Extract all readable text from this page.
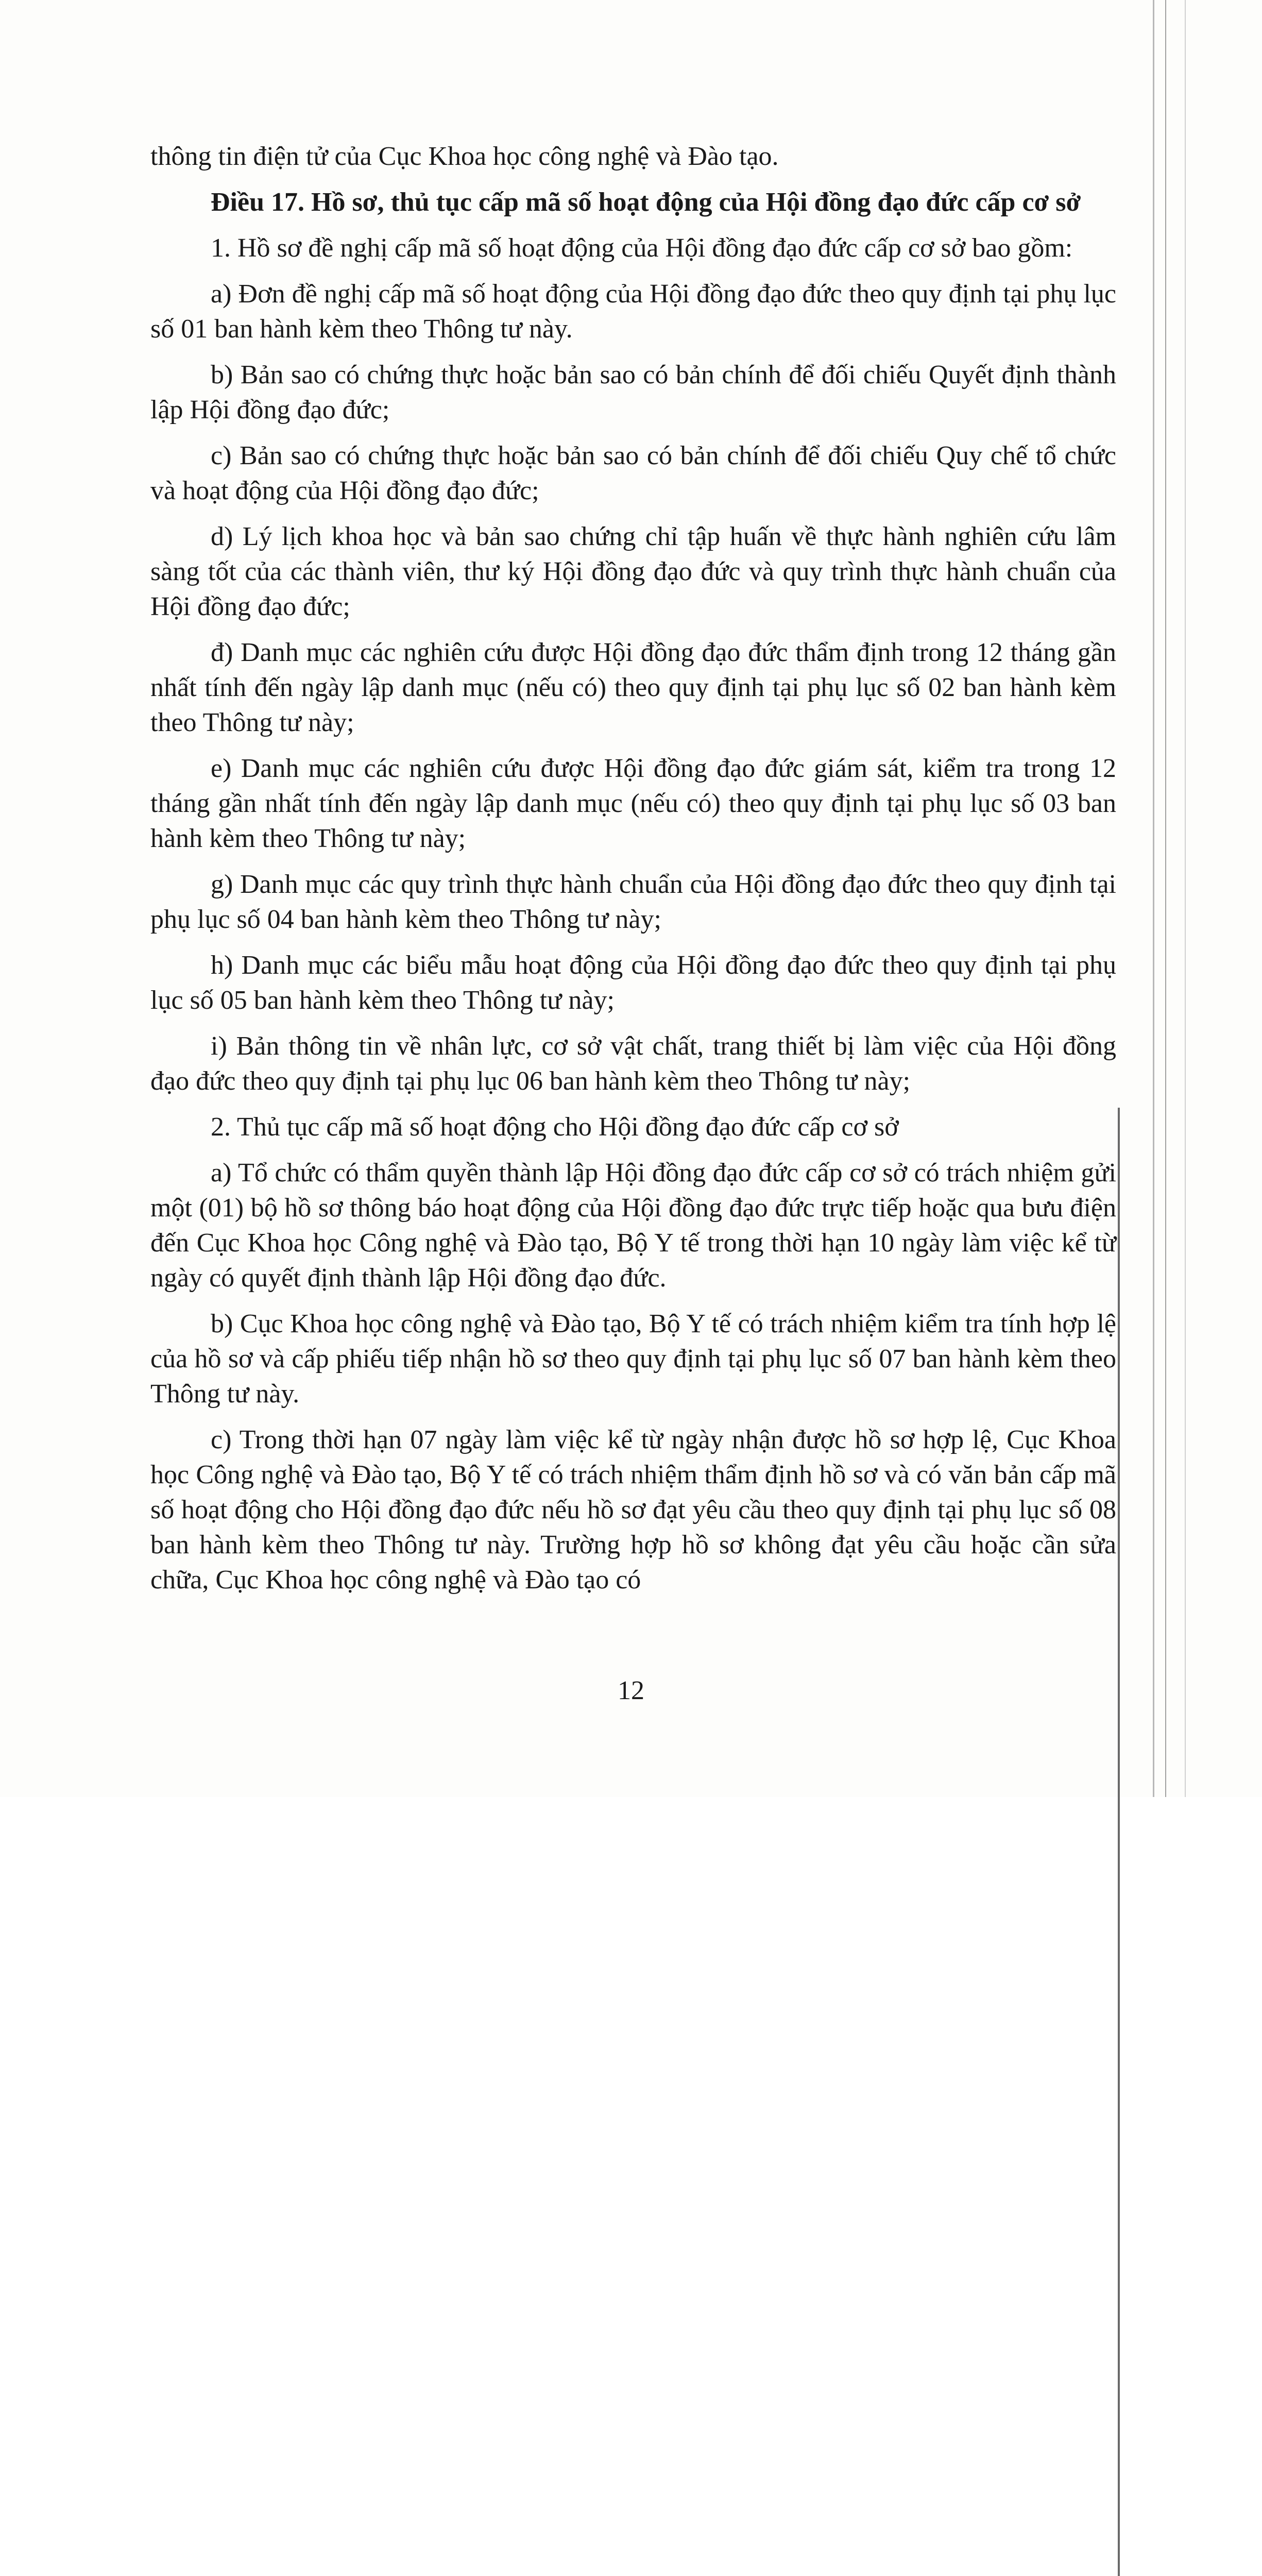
thông tin điện tử của Cục Khoa học công nghệ và Đào tạo.

Điều 17. Hồ sơ, thủ tục cấp mã số hoạt động của Hội đồng đạo đức cấp cơ sở

1. Hồ sơ đề nghị cấp mã số hoạt động của Hội đồng đạo đức cấp cơ sở bao gồm:

a) Đơn đề nghị cấp mã số hoạt động của Hội đồng đạo đức theo quy định tại phụ lục số 01 ban hành kèm theo Thông tư này.

b) Bản sao có chứng thực hoặc bản sao có bản chính để đối chiếu Quyết định thành lập Hội đồng đạo đức;

c) Bản sao có chứng thực hoặc bản sao có bản chính để đối chiếu Quy chế tổ chức và hoạt động của Hội đồng đạo đức;

d) Lý lịch khoa học và bản sao chứng chỉ tập huấn về thực hành nghiên cứu lâm sàng tốt của các thành viên, thư ký Hội đồng đạo đức và quy trình thực hành chuẩn của Hội đồng đạo đức;

đ) Danh mục các nghiên cứu được Hội đồng đạo đức thẩm định trong 12 tháng gần nhất tính đến ngày lập danh mục (nếu có) theo quy định tại phụ lục số 02 ban hành kèm theo Thông tư này;

e) Danh mục các nghiên cứu được Hội đồng đạo đức giám sát, kiểm tra trong 12 tháng gần nhất tính đến ngày lập danh mục (nếu có) theo quy định tại phụ lục số 03 ban hành kèm theo Thông tư này;

g) Danh mục các quy trình thực hành chuẩn của Hội đồng đạo đức theo quy định tại phụ lục số 04 ban hành kèm theo Thông tư này;

h) Danh mục các biểu mẫu hoạt động của Hội đồng đạo đức theo quy định tại phụ lục số 05 ban hành kèm theo Thông tư này;

i) Bản thông tin về nhân lực, cơ sở vật chất, trang thiết bị làm việc của Hội đồng đạo đức theo quy định tại phụ lục 06 ban hành kèm theo Thông tư này;

2. Thủ tục cấp mã số hoạt động cho Hội đồng đạo đức cấp cơ sở

a) Tổ chức có thẩm quyền thành lập Hội đồng đạo đức cấp cơ sở có trách nhiệm gửi một (01) bộ hồ sơ thông báo hoạt động của Hội đồng đạo đức trực tiếp hoặc qua bưu điện đến Cục Khoa học Công nghệ và Đào tạo, Bộ Y tế trong thời hạn 10 ngày làm việc kể từ ngày có quyết định thành lập Hội đồng đạo đức.

b) Cục Khoa học công nghệ và Đào tạo, Bộ Y tế có trách nhiệm kiểm tra tính hợp lệ của hồ sơ và cấp phiếu tiếp nhận hồ sơ theo quy định tại phụ lục số 07 ban hành kèm theo Thông tư này.

c) Trong thời hạn 07 ngày làm việc kể từ ngày nhận được hồ sơ hợp lệ, Cục Khoa học Công nghệ và Đào tạo, Bộ Y tế có trách nhiệm thẩm định hồ sơ và có văn bản cấp mã số hoạt động cho Hội đồng đạo đức nếu hồ sơ đạt yêu cầu theo quy định tại phụ lục số 08 ban hành kèm theo Thông tư này. Trường hợp hồ sơ không đạt yêu cầu hoặc cần sửa chữa, Cục Khoa học công nghệ và Đào tạo có

12
